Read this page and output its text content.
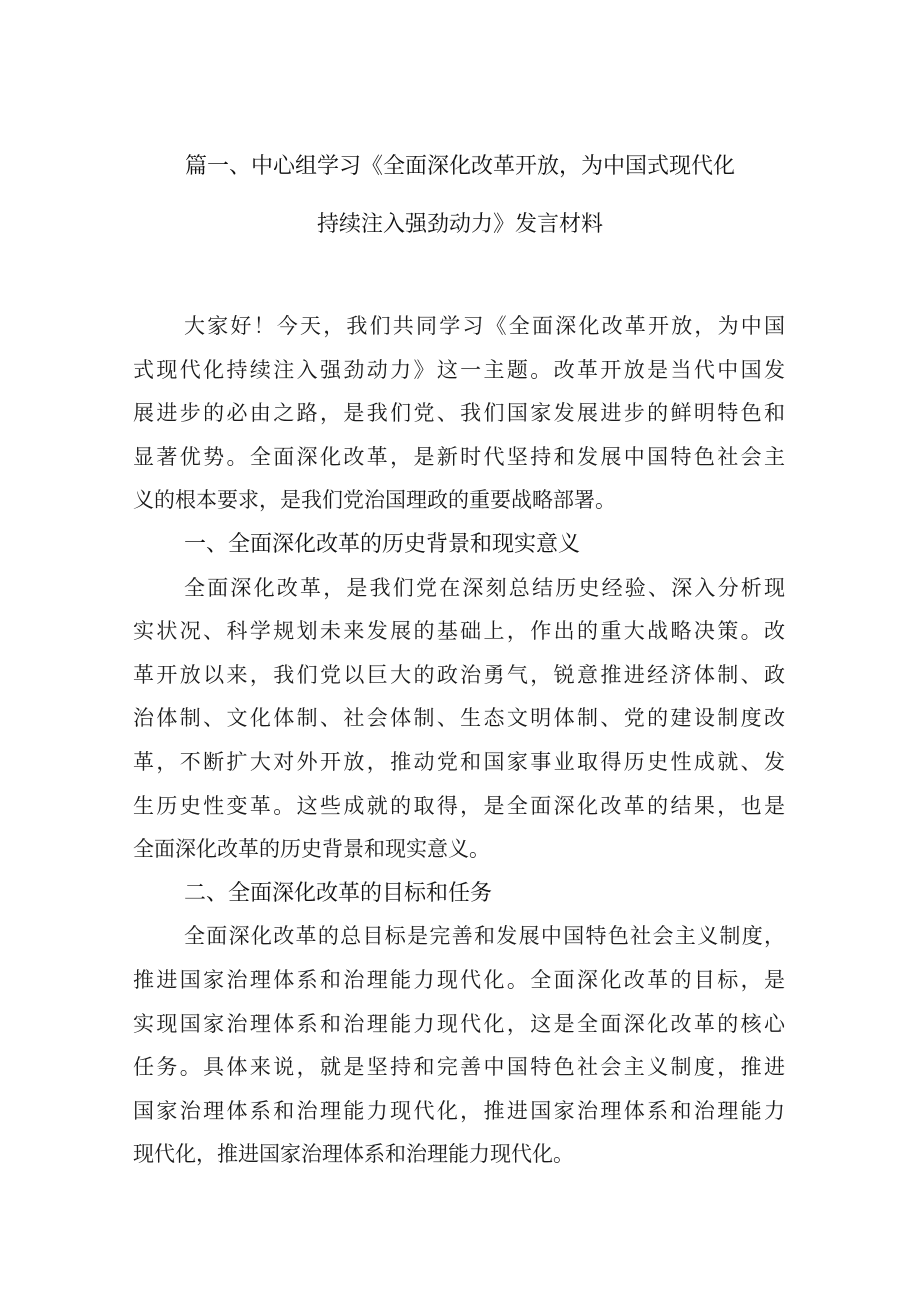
篇一、中心组学习《全面深化改革开放，为中国式现代化
持续注入强劲动力》发言材料
大家好！今天，我们共同学习《全面深化改革开放，为中国
式现代化持续注入强劲动力》这一主题。改革开放是当代中国发
展进步的必由之路，是我们党、我们国家发展进步的鲜明特色和
显著优势。全面深化改革，是新时代坚持和发展中国特色社会主
义的根本要求，是我们党治国理政的重要战略部署。
一、全面深化改革的历史背景和现实意义
全面深化改革，是我们党在深刻总结历史经验、深入分析现
实状况、科学规划未来发展的基础上，作出的重大战略决策。改
革开放以来，我们党以巨大的政治勇气，锐意推进经济体制、政
治体制、文化体制、社会体制、生态文明体制、党的建设制度改
革，不断扩大对外开放，推动党和国家事业取得历史性成就、发
生历史性变革。这些成就的取得，是全面深化改革的结果，也是
全面深化改革的历史背景和现实意义。
二、全面深化改革的目标和任务
全面深化改革的总目标是完善和发展中国特色社会主义制度，
推进国家治理体系和治理能力现代化。全面深化改革的目标，是
实现国家治理体系和治理能力现代化，这是全面深化改革的核心
任务。具体来说，就是坚持和完善中国特色社会主义制度，推进
国家治理体系和治理能力现代化，推进国家治理体系和治理能力
现代化，推进国家治理体系和治理能力现代化。
